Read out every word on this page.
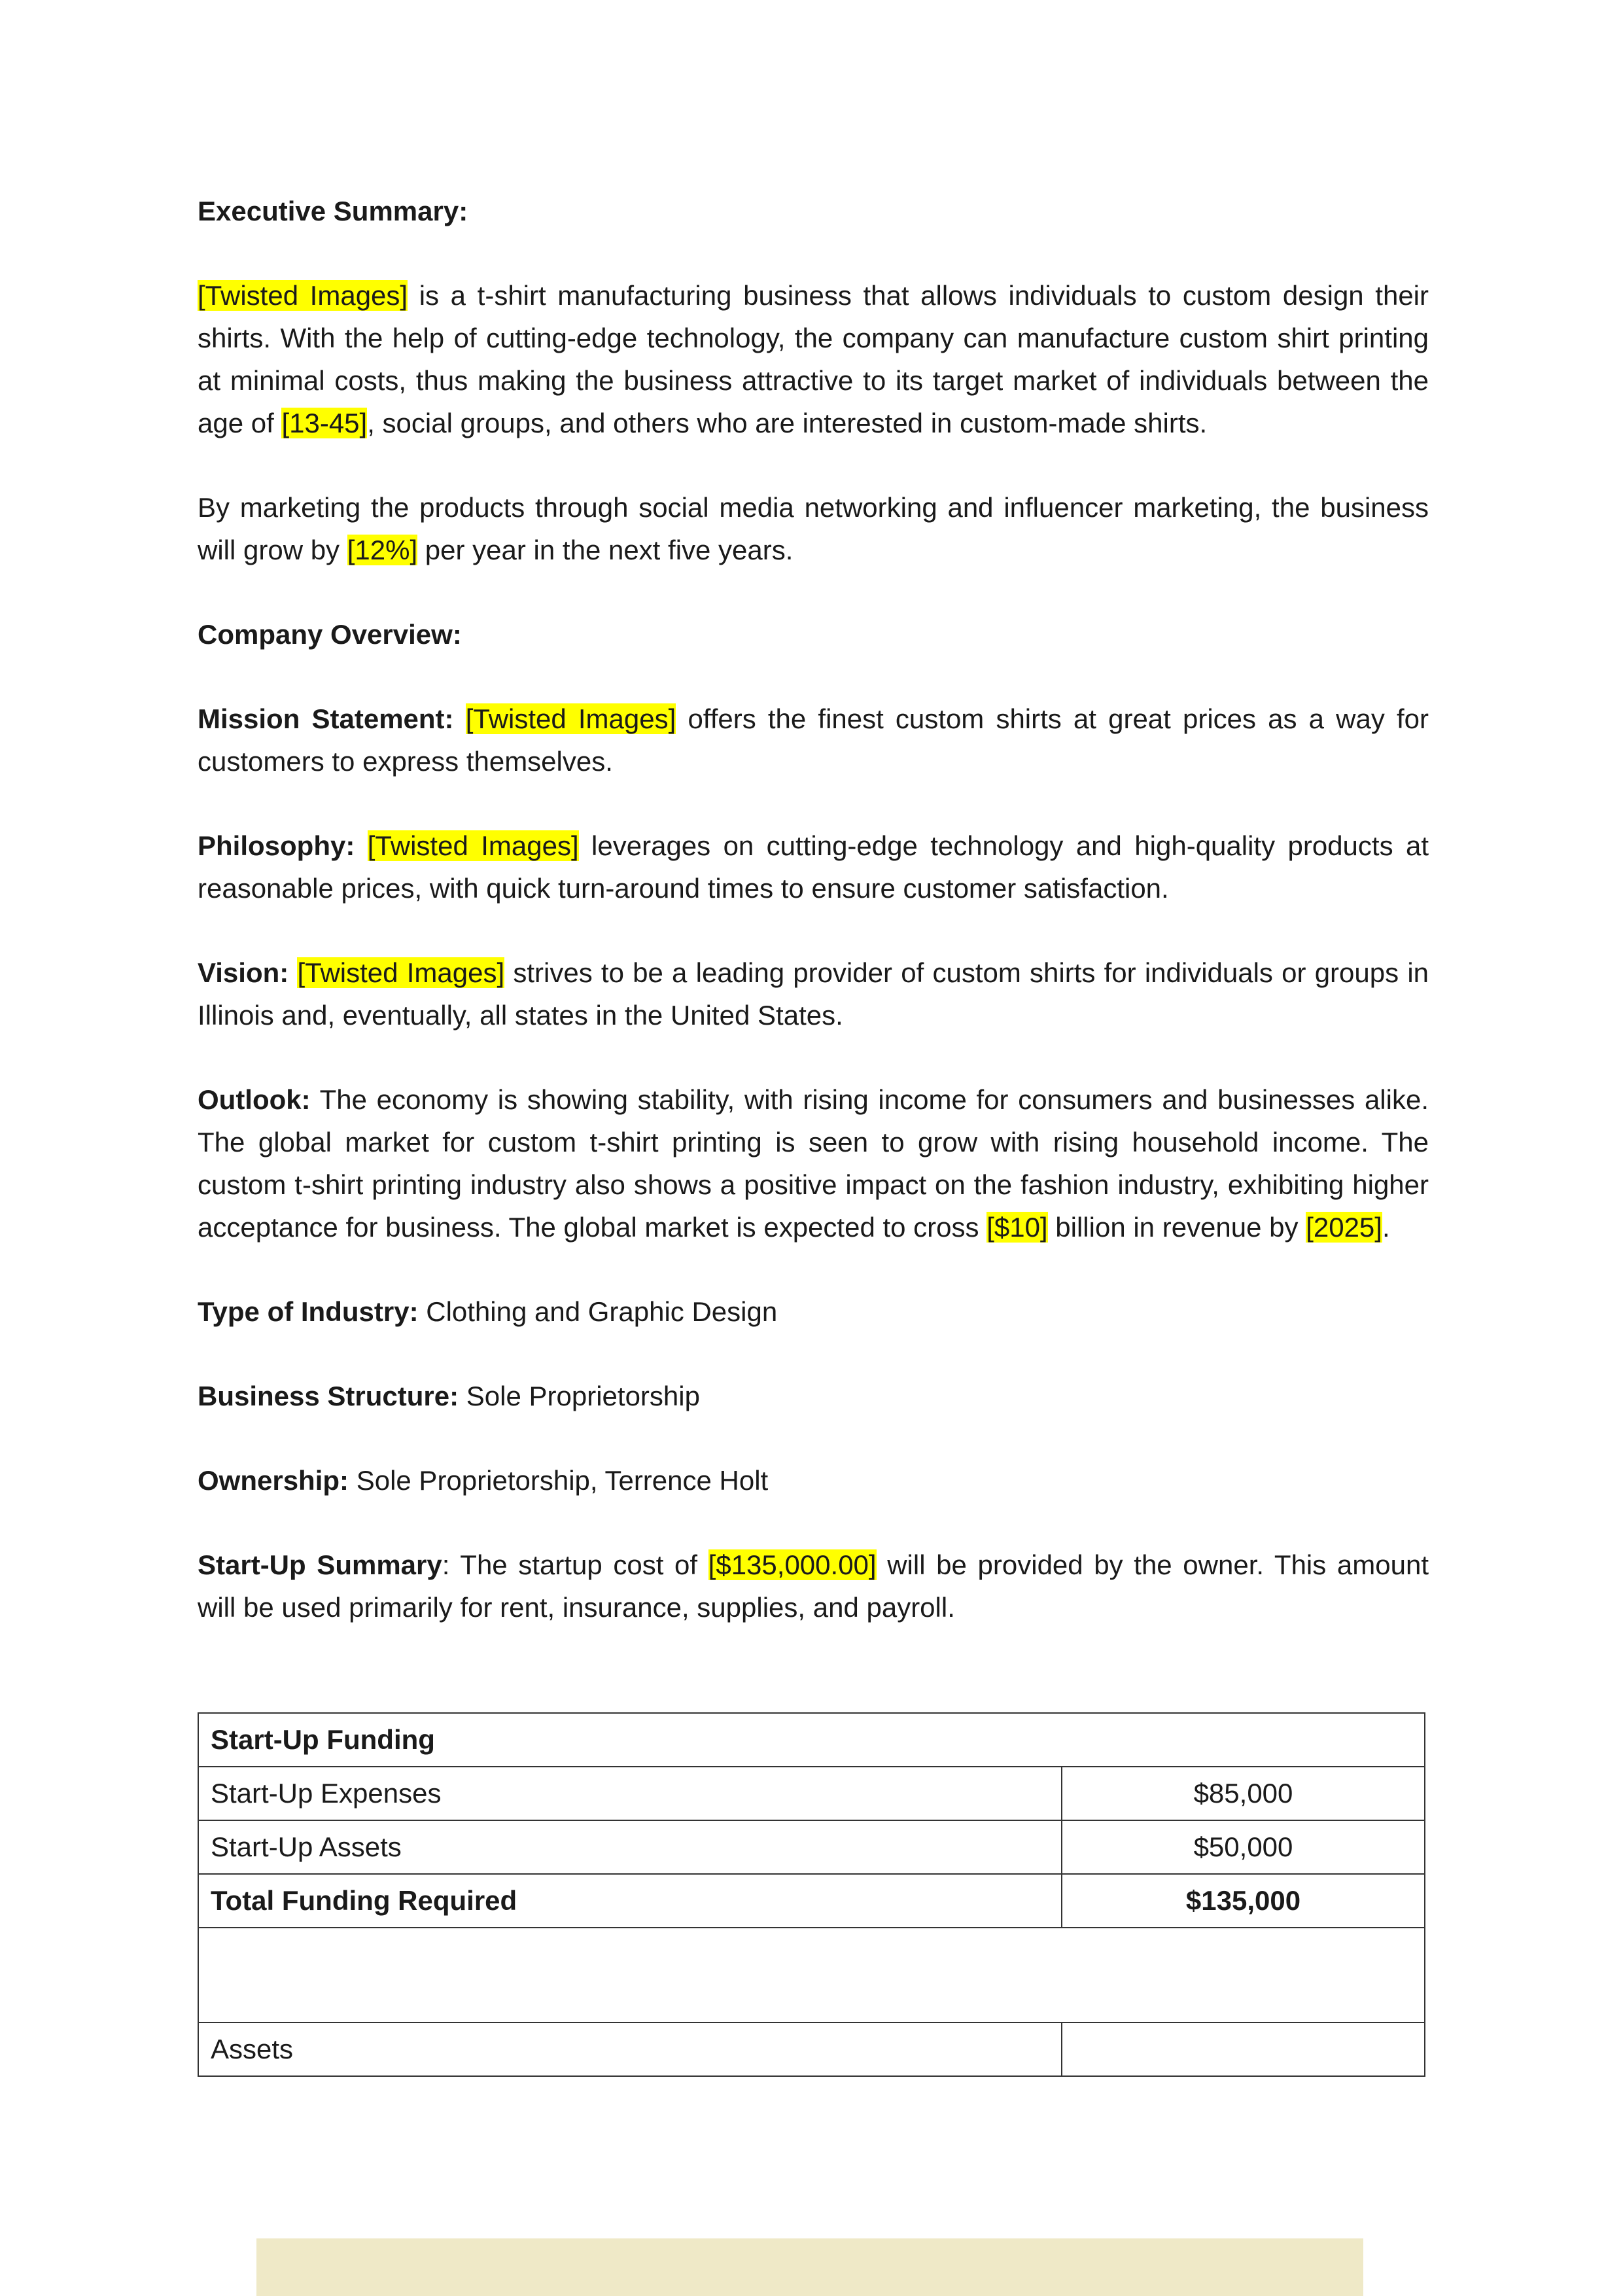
Executive Summary:

[Twisted Images] is a t-shirt manufacturing business that allows individuals to custom design their shirts. With the help of cutting-edge technology, the company can manufacture custom shirt printing at minimal costs, thus making the business attractive to its target market of individuals between the age of [13-45], social groups, and others who are interested in custom-made shirts.

By marketing the products through social media networking and influencer marketing, the business will grow by [12%] per year in the next five years.

Company Overview:

Mission Statement: [Twisted Images] offers the finest custom shirts at great prices as a way for customers to express themselves.

Philosophy: [Twisted Images] leverages on cutting-edge technology and high-quality products at reasonable prices, with quick turn-around times to ensure customer satisfaction.

Vision: [Twisted Images] strives to be a leading provider of custom shirts for individuals or groups in Illinois and, eventually, all states in the United States.

Outlook: The economy is showing stability, with rising income for consumers and businesses alike. The global market for custom t-shirt printing is seen to grow with rising household income. The custom t-shirt printing industry also shows a positive impact on the fashion industry, exhibiting higher acceptance for business. The global market is expected to cross [$10] billion in revenue by [2025].

Type of Industry: Clothing and Graphic Design

Business Structure: Sole Proprietorship

Ownership: Sole Proprietorship, Terrence Holt

Start-Up Summary: The startup cost of [$135,000.00] will be provided by the owner. This amount will be used primarily for rent, insurance, supplies, and payroll.

Start-Up Funding	
Start-Up Expenses	$85,000
Start-Up Assets	$50,000
Total Funding Required	$135,000

Assets	
